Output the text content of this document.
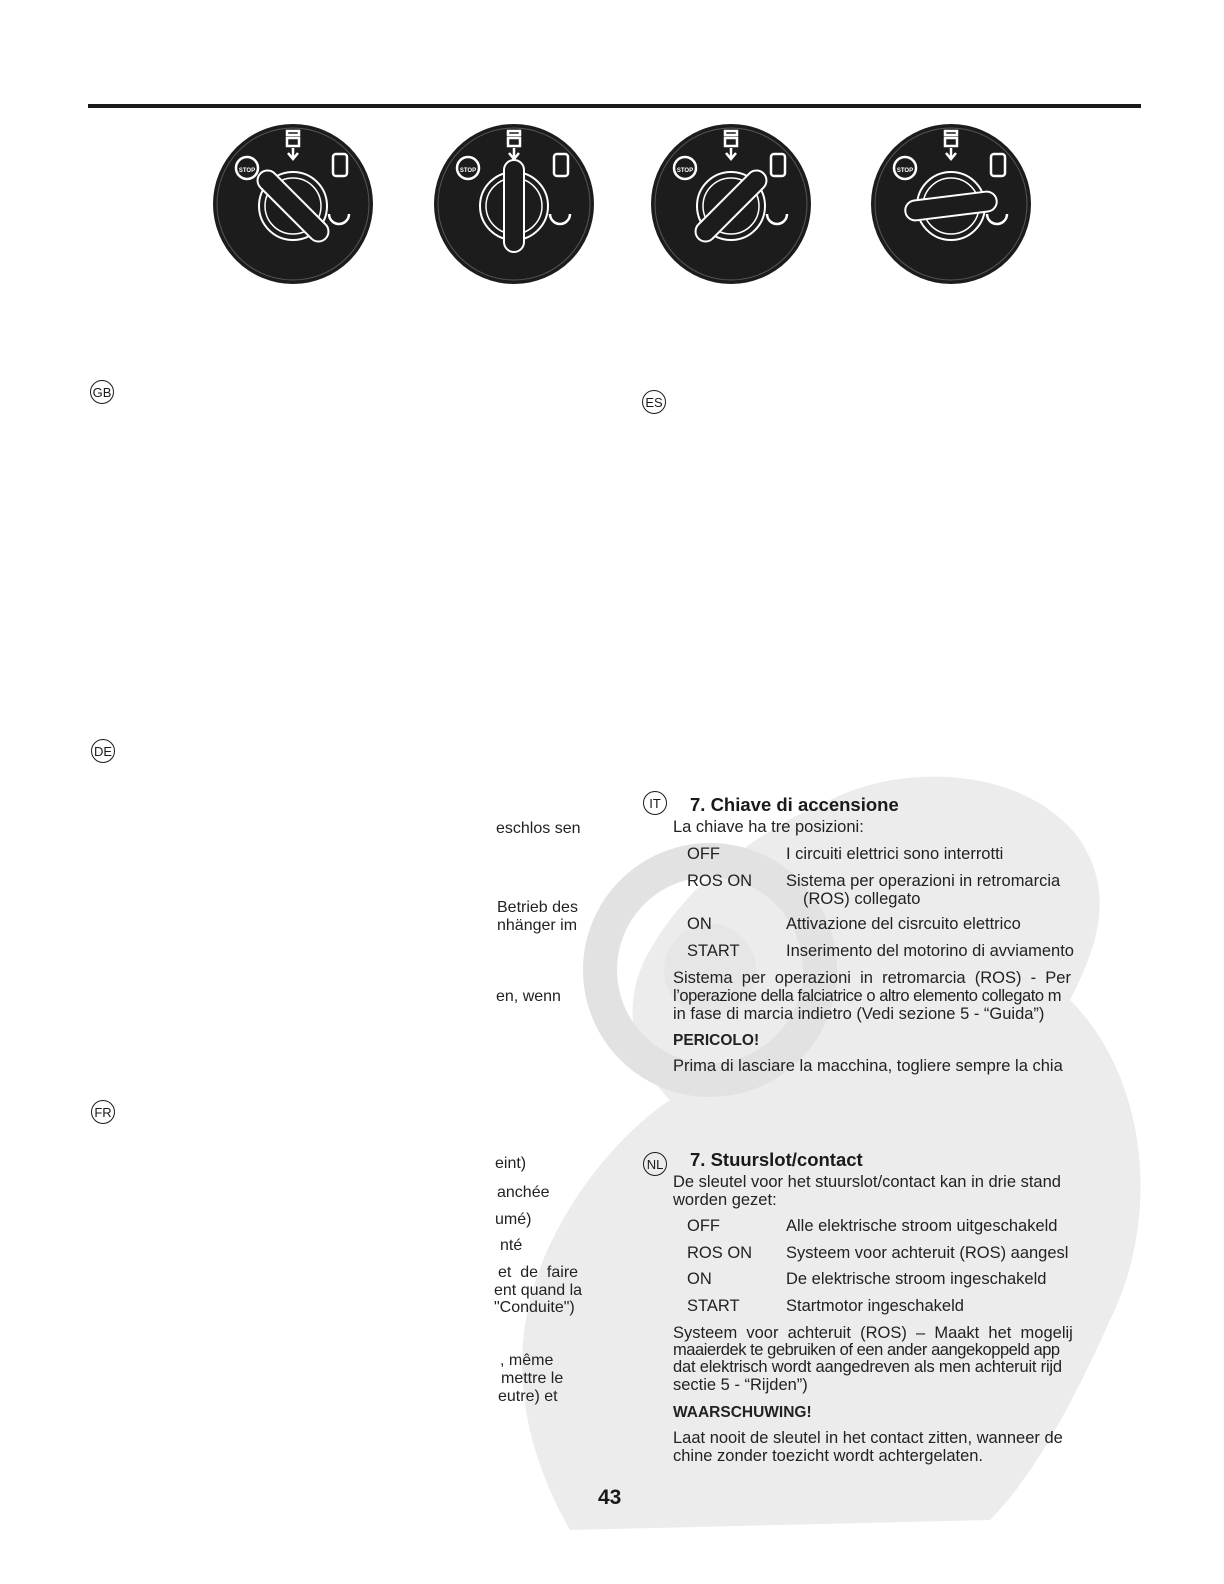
STOP	STOP	STOP	STOP
GB
ES
DE
FR
IT
NL
eschlos sen
Betrieb des
nhänger im
en, wenn
eint)
anchée
umé)
nté
et  de  faire
ent quand la
"Conduite")
, même
mettre le
eutre) et
7. Chiave di accensione
La chiave ha tre posizioni:
OFF	I circuiti elettrici sono interrotti
ROS ON Sistema per operazioni in retromarcia
(ROS) collegato
ON	Attivazione del cisrcuito elettrico
START	Inserimento del motorino di avviamento
Sistema  per  operazioni  in  retromarcia  (ROS)  -  Per
l’operazione della falciatrice o altro elemento collegato m
in fase di marcia indietro (Vedi sezione 5 - “Guida”)
PERICOLO!
Prima di lasciare la macchina, togliere sempre la chia
7. Stuurslot/contact
De sleutel voor het stuurslot/contact kan in drie stand
worden gezet:
OFF	Alle elektrische stroom uitgeschakeld
ROS ON Systeem voor achteruit (ROS) aangesl
ON	De elektrische stroom ingeschakeld
START	Startmotor ingeschakeld
Systeem  voor  achteruit  (ROS)  –  Maakt  het  mogelij
maaierdek te gebruiken of een ander aangekoppeld app
dat elektrisch wordt aangedreven als men achteruit rijd
sectie 5 - “Rijden”)
WAARSCHUWING!
Laat nooit de sleutel in het contact zitten, wanneer de
chine zonder toezicht wordt achtergelaten.
43
